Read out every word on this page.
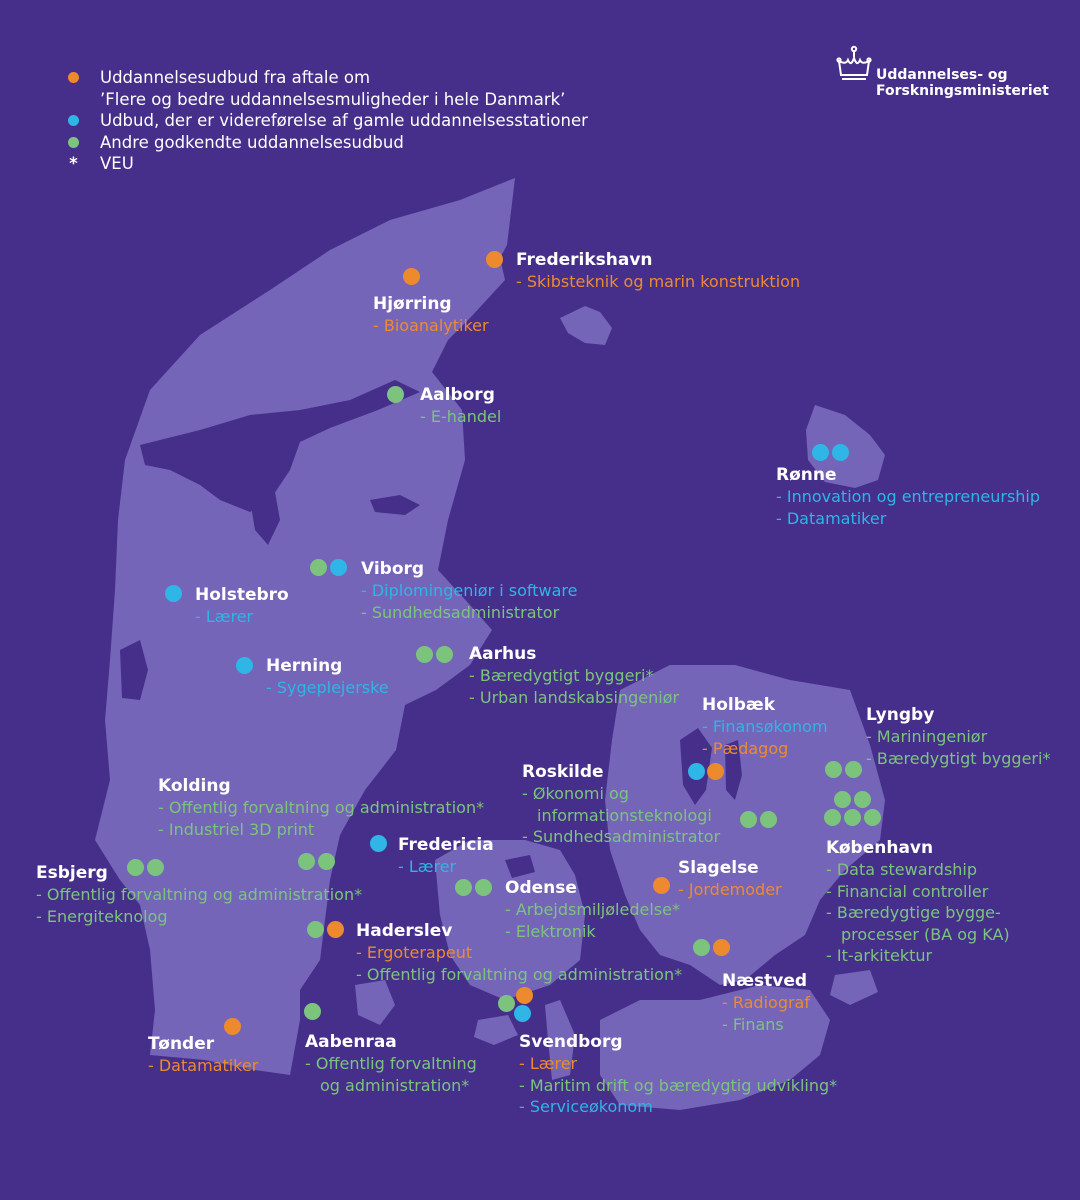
Uddannelsesudbud fra aftale om
’Flere og bedre uddannelsesmuligheder i hele Danmark’
Udbud, der er videreførelse af gamle uddannelsesstationer
Andre godkendte uddannelsesudbud
* VEU
Uddannelses- og
Forskningsministeriet
Frederikshavn
- Skibsteknik og marin konstruktion
Hjørring
- Bioanalytiker
Aalborg
- E-handel
Rønne
- Innovation og entrepreneurship
- Datamatiker
Viborg
- Diplomingeniør i software
- Sundhedsadministrator
Holstebro
- Lærer
Herning
- Sygeplejerske
Aarhus
- Bæredygtigt byggeri*
- Urban landskabsingeniør Holbæk
- Finansøkonom
- Pædagog
Lyngby
- Mariningeniør
- Bæredygtigt byggeri*
Kolding
- Offentlig forvaltning og administration*
- Industriel 3D print
Roskilde
- Økonomi og
informationsteknologi
- Sundhedsadministrator
Fredericia
- Lærer
København
- Data stewardship
- Financial controller
- Bæredygtige bygge-
processer (BA og KA)
- It-arkitektur
Esbjerg
- Offentlig forvaltning og administration*
- Energiteknolog
Slagelse
- Jordemoder
Odense
- Arbejdsmiljøledelse*
- Elektronik
Haderslev
- Ergoterapeut
- Offentlig forvaltning og administration* Næstved
- Radiograf
- Finans
Tønder
- Datamatiker
Aabenraa
- Offentlig forvaltning
og administration*
Svendborg
- Lærer
- Maritim drift og bæredygtig udvikling*
- Serviceøkonom
